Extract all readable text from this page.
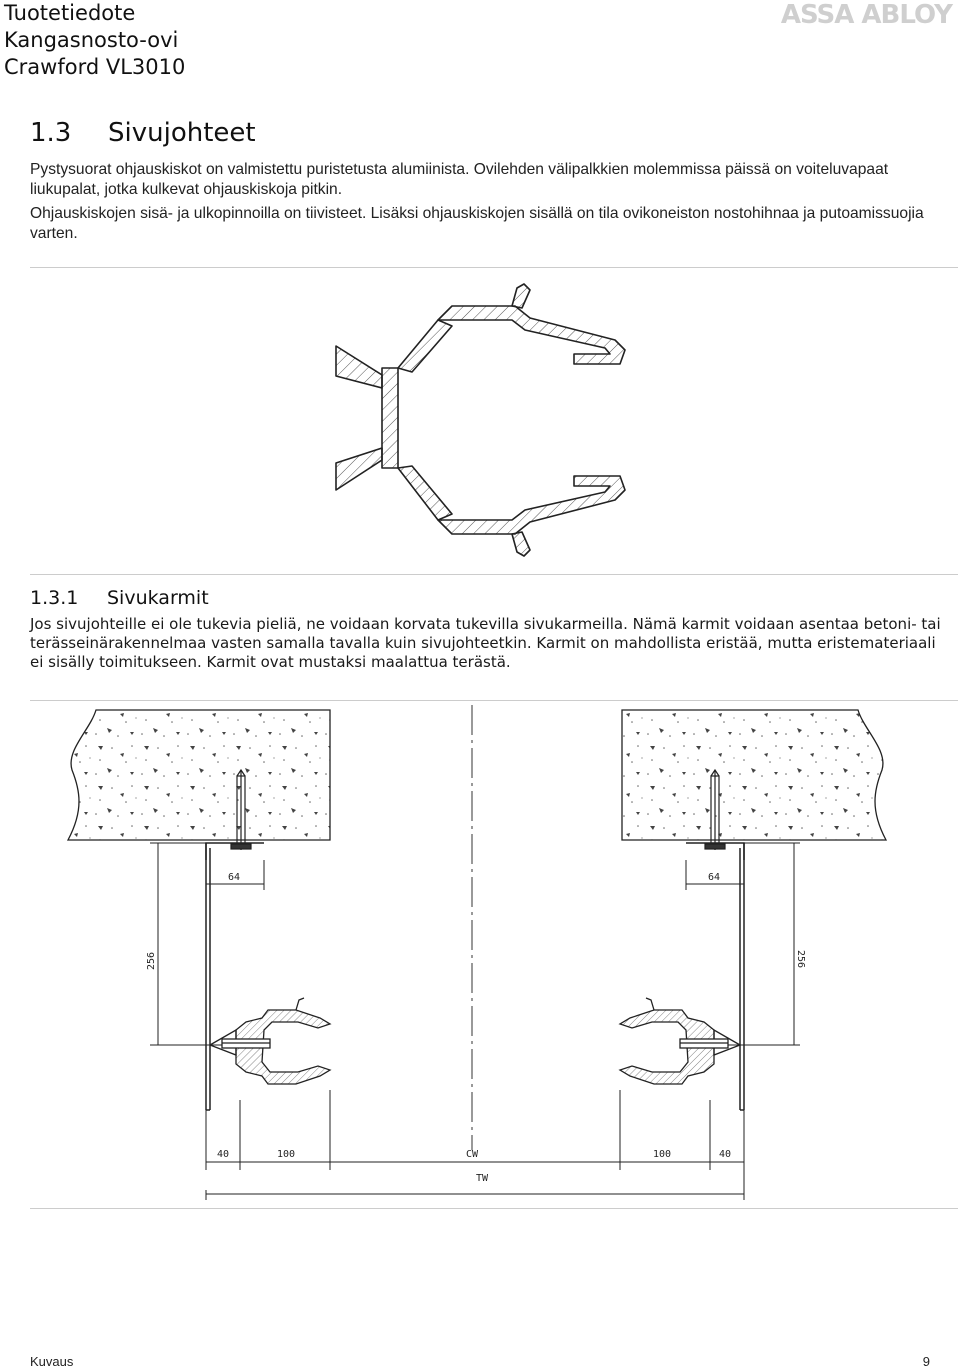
Tuotetiedote
Kangasnosto-ovi
Crawford VL3010
ASSA ABLOY
1.3 Sivujohteet

Pystysuorat ohjauskiskot on valmistettu puristetusta alumiinista. Ovilehden välipalkkien molemmissa päissä on voiteluvapaat liukupalat, jotka kulkevat ohjauskiskoja pitkin.

Ohjauskiskojen sisä- ja ulkopinnoilla on tiivisteet. Lisäksi ohjauskiskojen sisällä on tila ovikoneiston nostohihnaa ja putoamissuojia varten.

1.3.1 Sivukarmit

Jos sivujohteille ei ole tukevia pieliä, ne voidaan korvata tukevilla sivukarmeilla. Nämä karmit voidaan asentaa betoni- tai terässeinärakennelmaa vasten samalla tavalla kuin sivujohteetkin. Karmit on mahdollista eristää, mutta eristemateriaali ei sisälly toimitukseen. Karmit ovat mustaksi maalattua terästä.

64	64
256	256
40	100	CW	100	40
TW
Kuvaus	9
